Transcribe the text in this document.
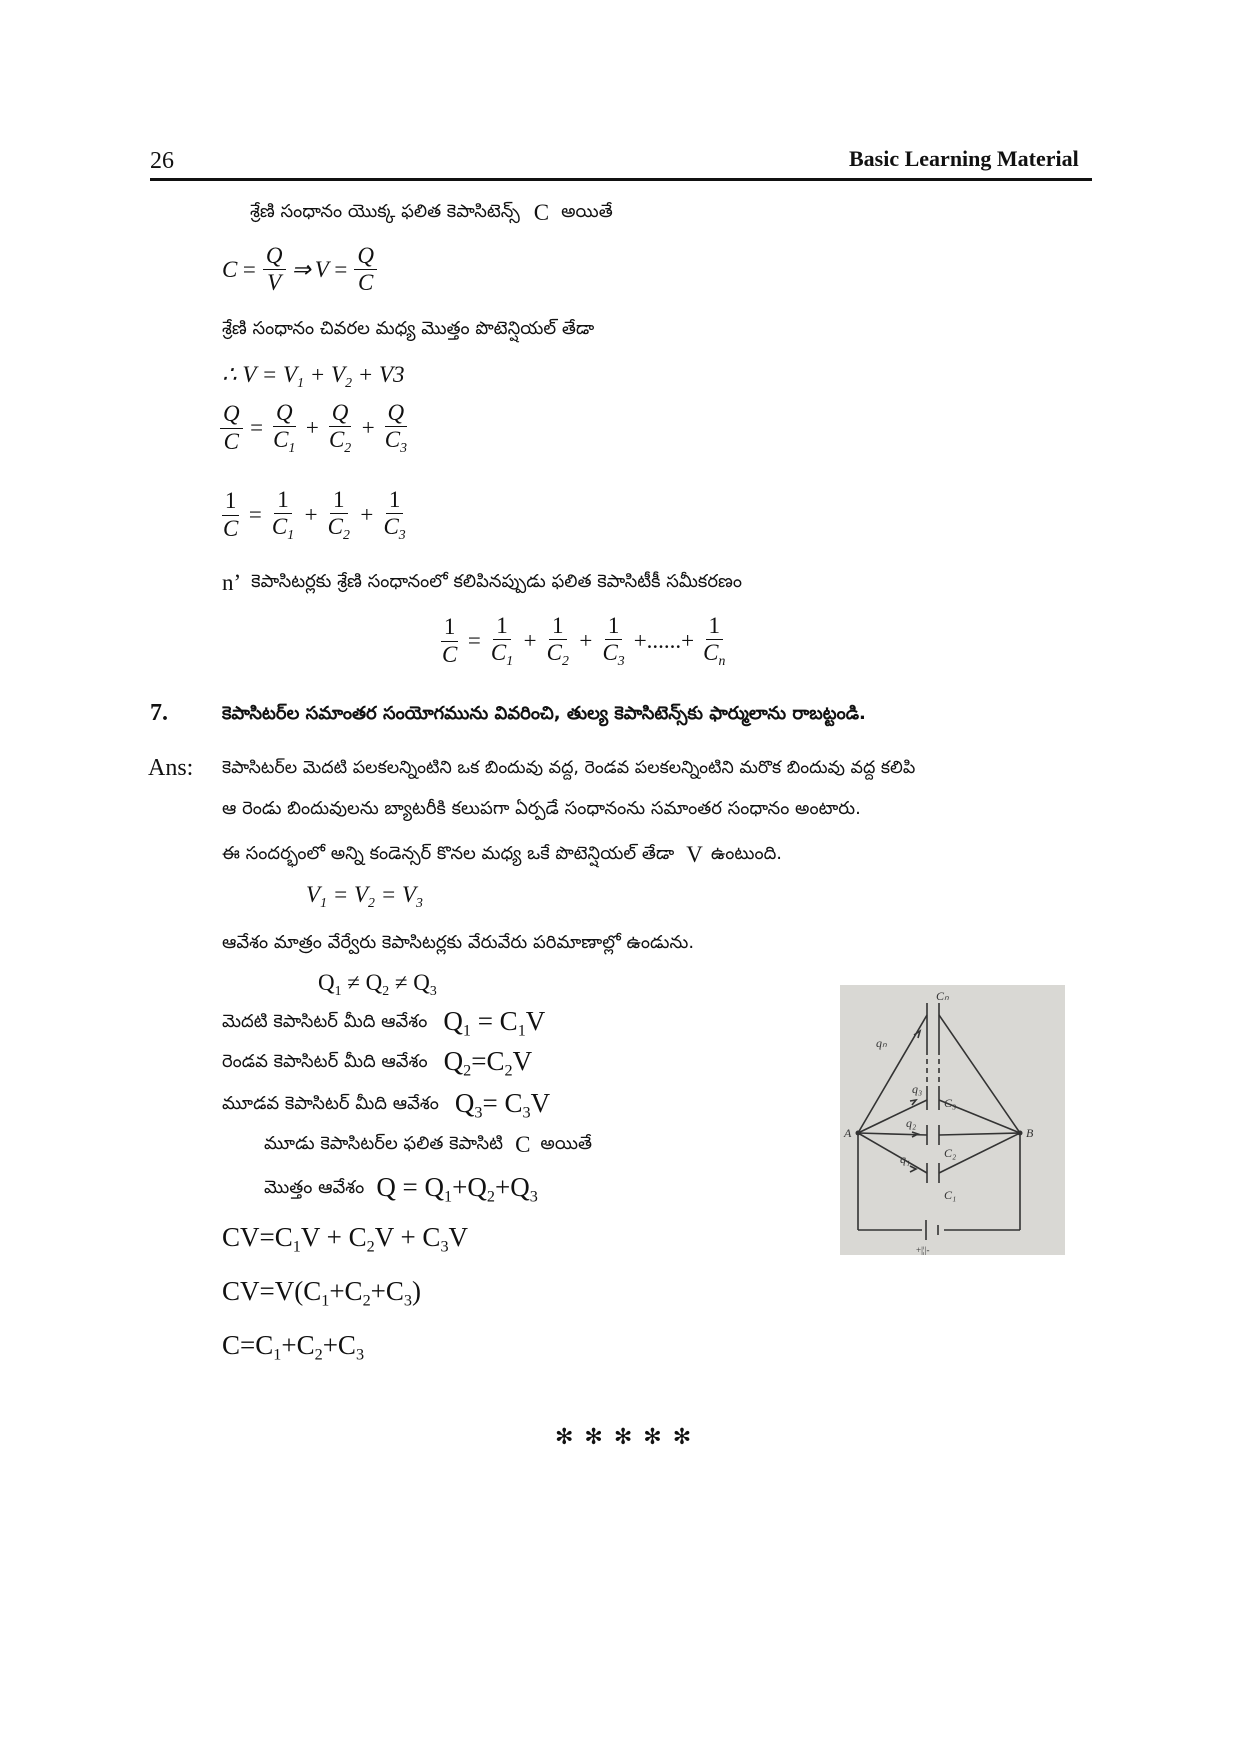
26	Basic Learning Material
శ్రేణి సంధానం యొక్క ఫలిత కెపాసిటెన్స్ C అయితే
$C = \frac{Q}{V}$ ⇒ $V = \frac{Q}{C}$
శ్రేణి సంధానం చివరల మధ్య మొత్తం పొటెన్షియల్ తేడా
∴ $V = V_1 + V_2 + V3$
$\frac{Q}{C} = \frac{Q}{C_1} + \frac{Q}{C_2} + \frac{Q}{C_3}$
$\frac{1}{C} = \frac{1}{C_1} + \frac{1}{C_2} + \frac{1}{C_3}$
n’ కెపాసిటర్లకు శ్రేణి సంధానంలో కలిపినప్పుడు ఫలిత కెపాసిటీకీ సమీకరణం
$\frac{1}{C} = \frac{1}{C_1} + \frac{1}{C_2} + \frac{1}{C_3}$ +......+ $\frac{1}{C_n}$
7.	కెపాసిటర్‌ల సమాంతర సంయోగమును వివరించి, తుల్య కెపాసిటెన్స్‌కు ఫార్ములాను రాబట్టండి.
Ans: కెపాసిటర్‌ల మెదటి పలకలన్నింటిని ఒక బిందువు వద్ద, రెండవ పలకలన్నింటిని మరొక బిందువు వద్ద కలిపి
ఆ రెండు బిందువులను బ్యాటరీకి కలుపగా ఏర్పడే సంధానంను సమాంతర సంధానం అంటారు.
ఈ సందర్భంలో అన్ని కండెన్సర్ కొనల మధ్య ఒకే పొటెన్షియల్ తేడా V ఉంటుంది.
$V_1 = V_2 = V_3$
ఆవేశం మాత్రం వేర్వేరు కెపాసిటర్లకు వేరువేరు పరిమాణాల్లో ఉండును.
$Q_1 \ne Q_2 \ne Q_3$
మెదటి కెపాసిటర్ మీది ఆవేశం $Q_1 = C_1V$
రెండవ కెపాసిటర్ మీది ఆవేశం $Q_2=C_2V$
మూడవ కెపాసిటర్ మీది ఆవేశం $Q_3= C_3V$
మూడు కెపాసిటర్‌ల ఫలిత కెపాసిటి C అయితే
మొత్తం ఆవేశం $Q = Q_1+Q_2+Q_3$
$CV=C_1V + C_2V + C_3V$
$CV=V(C_1+C_2+C_3)$
$C=C_1+C_2+C_3$
Cₙ
qₙ
q₃
q₂
q₁
C₃
C₂
C₁
A	B
+|¦|-
✻ ✻ ✻ ✻ ✻
